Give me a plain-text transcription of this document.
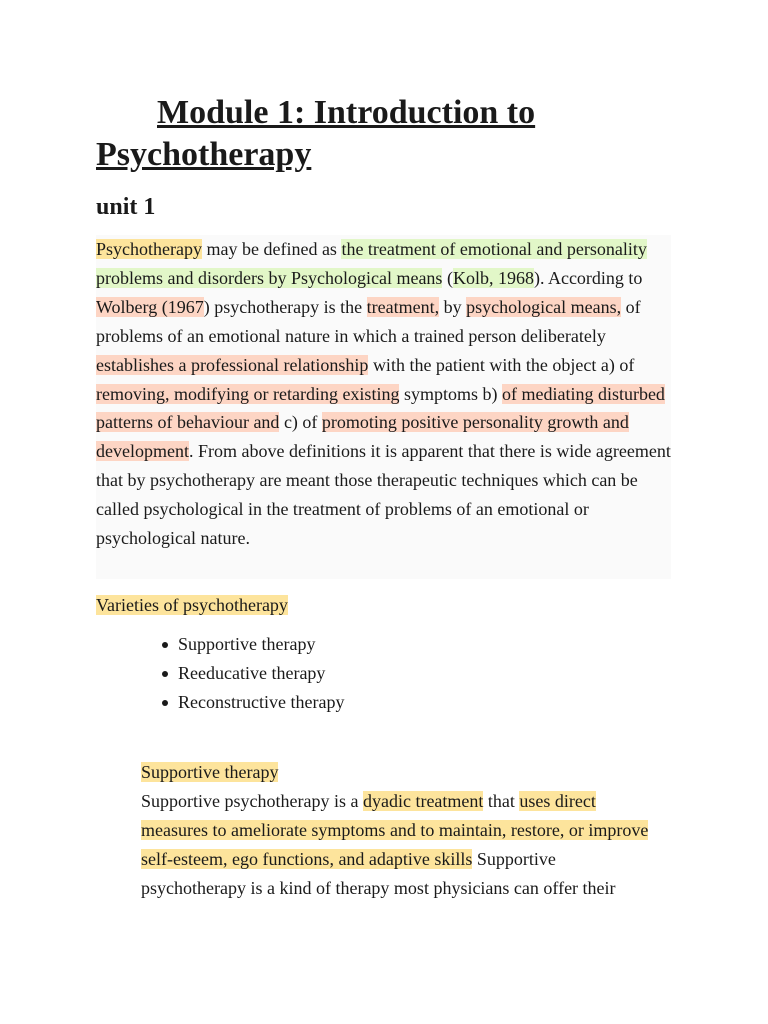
Module 1: Introduction to Psychotherapy
unit 1

Psychotherapy may be defined as the treatment of emotional and personality problems and disorders by Psychological means (Kolb, 1968). According to Wolberg (1967) psychotherapy is the treatment, by psychological means, of problems of an emotional nature in which a trained person deliberately establishes a professional relationship with the patient with the object a) of removing, modifying or retarding existing symptoms b) of mediating disturbed patterns of behaviour and c) of promoting positive personality growth and development. From above definitions it is apparent that there is wide agreement that by psychotherapy are meant those therapeutic techniques which can be called psychological in the treatment of problems of an emotional or psychological nature.

Varieties of psychotherapy
Supportive therapy
Reeducative therapy
Reconstructive therapy
Supportive therapy

Supportive psychotherapy is a dyadic treatment that uses direct measures to ameliorate symptoms and to maintain, restore, or improve self-esteem, ego functions, and adaptive skills Supportive psychotherapy is a kind of therapy most physicians can offer their
